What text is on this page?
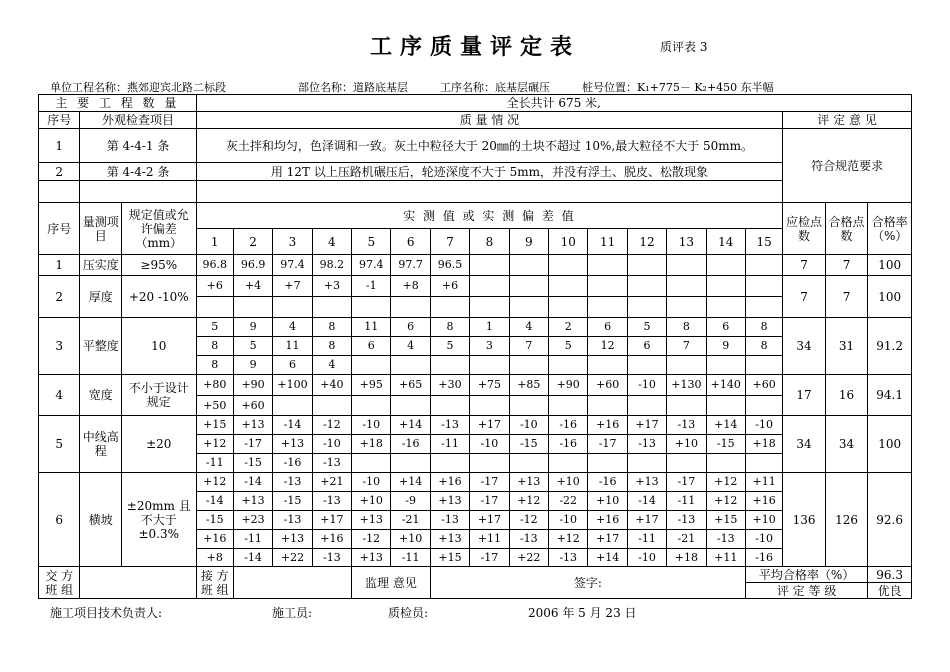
工序质量评定表	质评表 3
单位工程名称：燕郊迎宾北路二标段	部位名称：道路底基层	工序名称：底基层碾压	桩号位置：K₁+775－ K₂+450 东半幅
主 要 工 程 数 量			全长共计 675 米,																	
序号	外观检查项目		质 量 情 况															评 定 意 见		
1	第 4-4-1 条		灰土拌和均匀，色泽调和一致。灰土中粒径大于 20㎜的土块不超过 10%,最大粒径不大于 50mm。															符合规范要求		
2	第 4-4-2 条		用 12T 以上压路机碾压后，轮迹深度不大于 5mm，并没有浮土、脱皮、松散现象																	

序号	量测项目	规定值或允许偏差（mm）	实 测 值 或 实 测 偏 差 值															应检点数	合格点数	合格率（%）
			1	2	3	4	5	6	7	8	9	10	11	12	13	14	15			
1	压实度	≥95%	96.8	96.9	97.4	98.2	97.4	97.7	96.5									7	7	100
2	厚度	+20 -10%	+6	+4	+7	+3	-1	+8	+6									7	7	100

3	平整度	10	5	9	4	8	11	6	8	1	4	2	6	5	8	6	8	34	31	91.2
			8	5	11	8	6	4	5	3	7	5	12	6	7	9	8			
			8	9	6	4														
4	宽度	不小于设计规定	+80	+90	+100	+40	+95	+65	+30	+75	+85	+90	+60	-10	+130	+140	+60	17	16	94.1
			+50	+60																
5	中线高程	±20	+15	+13	-14	-12	-10	+14	-13	+17	-10	-16	+16	+17	-13	+14	-10	34	34	100
			+12	-17	+13	-10	+18	-16	-11	-10	-15	-16	-17	-13	+10	-15	+18			
			-11	-15	-16	-13														
6	横坡	±20mm 且不大于±0.3%	+12	-14	-13	+21	-10	+14	+16	-17	+13	+10	-16	+13	-17	+12	+11	136	126	92.6
			-14	+13	-15	-13	+10	-9	+13	-17	+12	-22	+10	-14	-11	+12	+16			
			-15	+23	-13	+17	+13	-21	-13	+17	-12	-10	+16	+17	-13	+15	+10			
			+16	-11	+13	+16	-12	+10	+13	+11	-13	+12	+17	-11	-21	-13	-10			
			+8	-14	+22	-13	+13	-11	+15	-17	+22	-13	+14	-10	+18	+11	-16			
交 方 班 组			接 方 班 组				监理 意见		签字:								平均合格率（%）			96.3
																	评 定 等 级			优良
施工项目技术负责人:	施工员:	质检员:	2006 年 5 月 23 日
